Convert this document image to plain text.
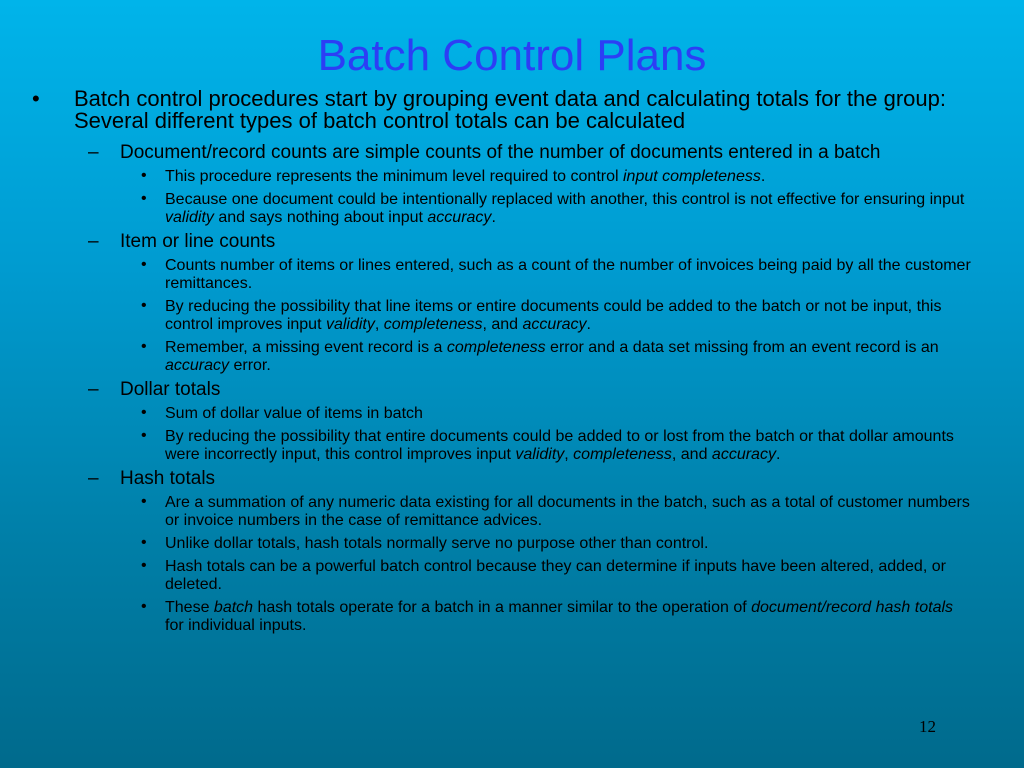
Batch Control Plans
• Batch control procedures start by grouping event data and calculating totals for the group: Several different types of batch control totals can be calculated
– Document/record counts are simple counts of the number of documents entered in a batch
• This procedure represents the minimum level required to control input completeness.
• Because one document could be intentionally replaced with another, this control is not effective for ensuring input validity and says nothing about input accuracy.
– Item or line counts
• Counts number of items or lines entered, such as a count of the number of invoices being paid by all the customer remittances.
• By reducing the possibility that line items or entire documents could be added to the batch or not be input, this control improves input validity, completeness, and accuracy.
• Remember, a missing event record is a completeness error and a data set missing from an event record is an accuracy error.
– Dollar totals
• Sum of dollar value of items in batch
• By reducing the possibility that entire documents could be added to or lost from the batch or that dollar amounts were incorrectly input, this control improves input validity, completeness, and accuracy.
– Hash totals
• Are a summation of any numeric data existing for all documents in the batch, such as a total of customer numbers or invoice numbers in the case of remittance advices.
• Unlike dollar totals, hash totals normally serve no purpose other than control.
• Hash totals can be a powerful batch control because they can determine if inputs have been altered, added, or deleted.
• These batch hash totals operate for a batch in a manner similar to the operation of document/record hash totals for individual inputs.
12
